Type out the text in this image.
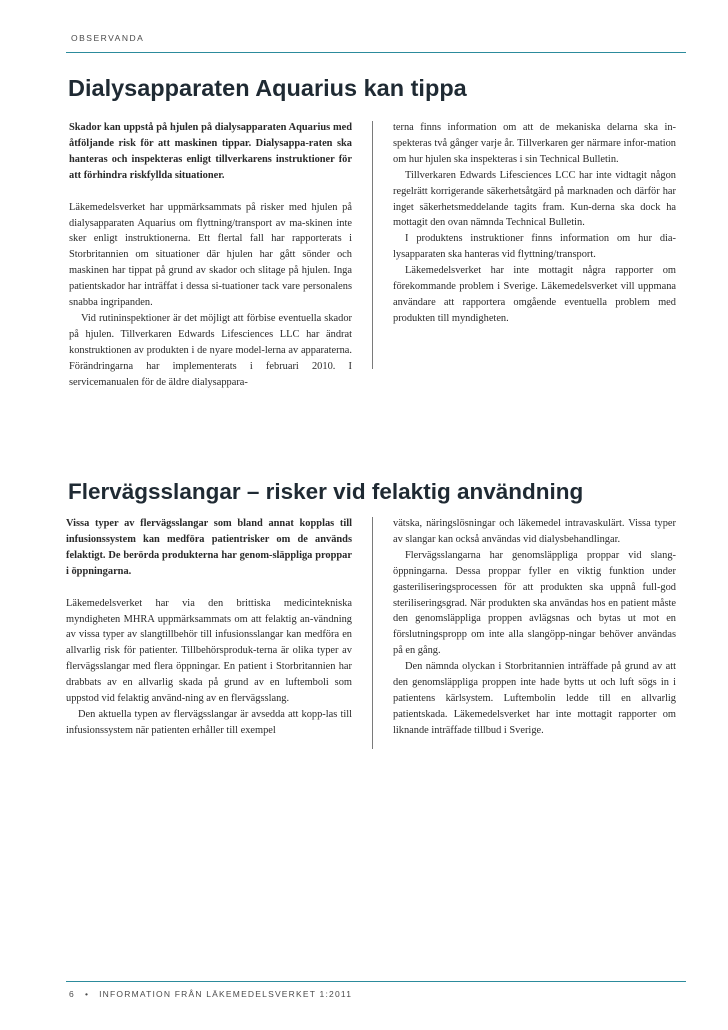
OBSERVANDA
Dialysapparaten Aquarius kan tippa

Skador kan uppstå på hjulen på dialysapparaten Aquarius med åtföljande risk för att maskinen tippar. Dialysappa-raten ska hanteras och inspekteras enligt tillverkarens instruktioner för att förhindra riskfyllda situationer.

Läkemedelsverket har uppmärksammats på risker med hjulen på dialysapparaten Aquarius om flyttning/transport av ma-skinen inte sker enligt instruktionerna. Ett flertal fall har rapporterats i Storbritannien om situationer där hjulen har gått sönder och maskinen har tippat på grund av skador och slitage på hjulen. Inga patientskador har inträffat i dessa si-tuationer tack vare personalens snabba ingripanden.

Vid rutininspektioner är det möjligt att förbise eventuella skador på hjulen. Tillverkaren Edwards Lifesciences LLC har ändrat konstruktionen av produkten i de nyare model-lerna av apparaterna. Förändringarna har implementerats i februari 2010. I servicemanualen för de äldre dialysappara-

terna finns information om att de mekaniska delarna ska in-spekteras två gånger varje år. Tillverkaren ger närmare infor-mation om hur hjulen ska inspekteras i sin Technical Bulletin.

Tillverkaren Edwards Lifesciences LCC har inte vidtagit någon regelrätt korrigerande säkerhetsåtgärd på marknaden och därför har inget säkerhetsmeddelande tagits fram. Kun-derna ska dock ha mottagit den ovan nämnda Technical Bulletin.

I produktens instruktioner finns information om hur dia-lysapparaten ska hanteras vid flyttning/transport.

Läkemedelsverket har inte mottagit några rapporter om förekommande problem i Sverige. Läkemedelsverket vill uppmana användare att rapportera omgående eventuella problem med produkten till myndigheten.

Flervägsslangar – risker vid felaktig användning

Vissa typer av flervägsslangar som bland annat kopplas till infusionssystem kan medföra patientrisker om de används felaktigt. De berörda produkterna har genom-släppliga proppar i öppningarna.

Läkemedelsverket har via den brittiska medicintekniska myndigheten MHRA uppmärksammats om att felaktig an-vändning av vissa typer av slangtillbehör till infusionsslangar kan medföra en allvarlig risk för patienter. Tillbehörsproduk-terna är olika typer av flervägsslangar med flera öppningar. En patient i Storbritannien har drabbats av en allvarlig skada på grund av en luftemboli som uppstod vid felaktig använd-ning av en flervägsslang.

Den aktuella typen av flervägsslangar är avsedda att kopp-las till infusionssystem när patienten erhåller till exempel

vätska, näringslösningar och läkemedel intravaskulärt. Vissa typer av slangar kan också användas vid dialysbehandlingar.

Flervägsslangarna har genomsläppliga proppar vid slang-öppningarna. Dessa proppar fyller en viktig funktion under gasteriliseringsprocessen för att produkten ska uppnå full-god steriliseringsgrad. När produkten ska användas hos en patient måste den genomsläppliga proppen avlägsnas och bytas ut mot en förslutningspropp om inte alla slangöpp-ningar behöver användas på en gång.

Den nämnda olyckan i Storbritannien inträffade på grund av att den genomsläppliga proppen inte hade bytts ut och luft sögs in i patientens kärlsystem. Luftembolin ledde till en allvarlig patientskada. Läkemedelsverket har inte mottagit rapporter om liknande inträffade tillbud i Sverige.

6 • INFORMATION FRÅN LÄKEMEDELSVERKET 1:2011
